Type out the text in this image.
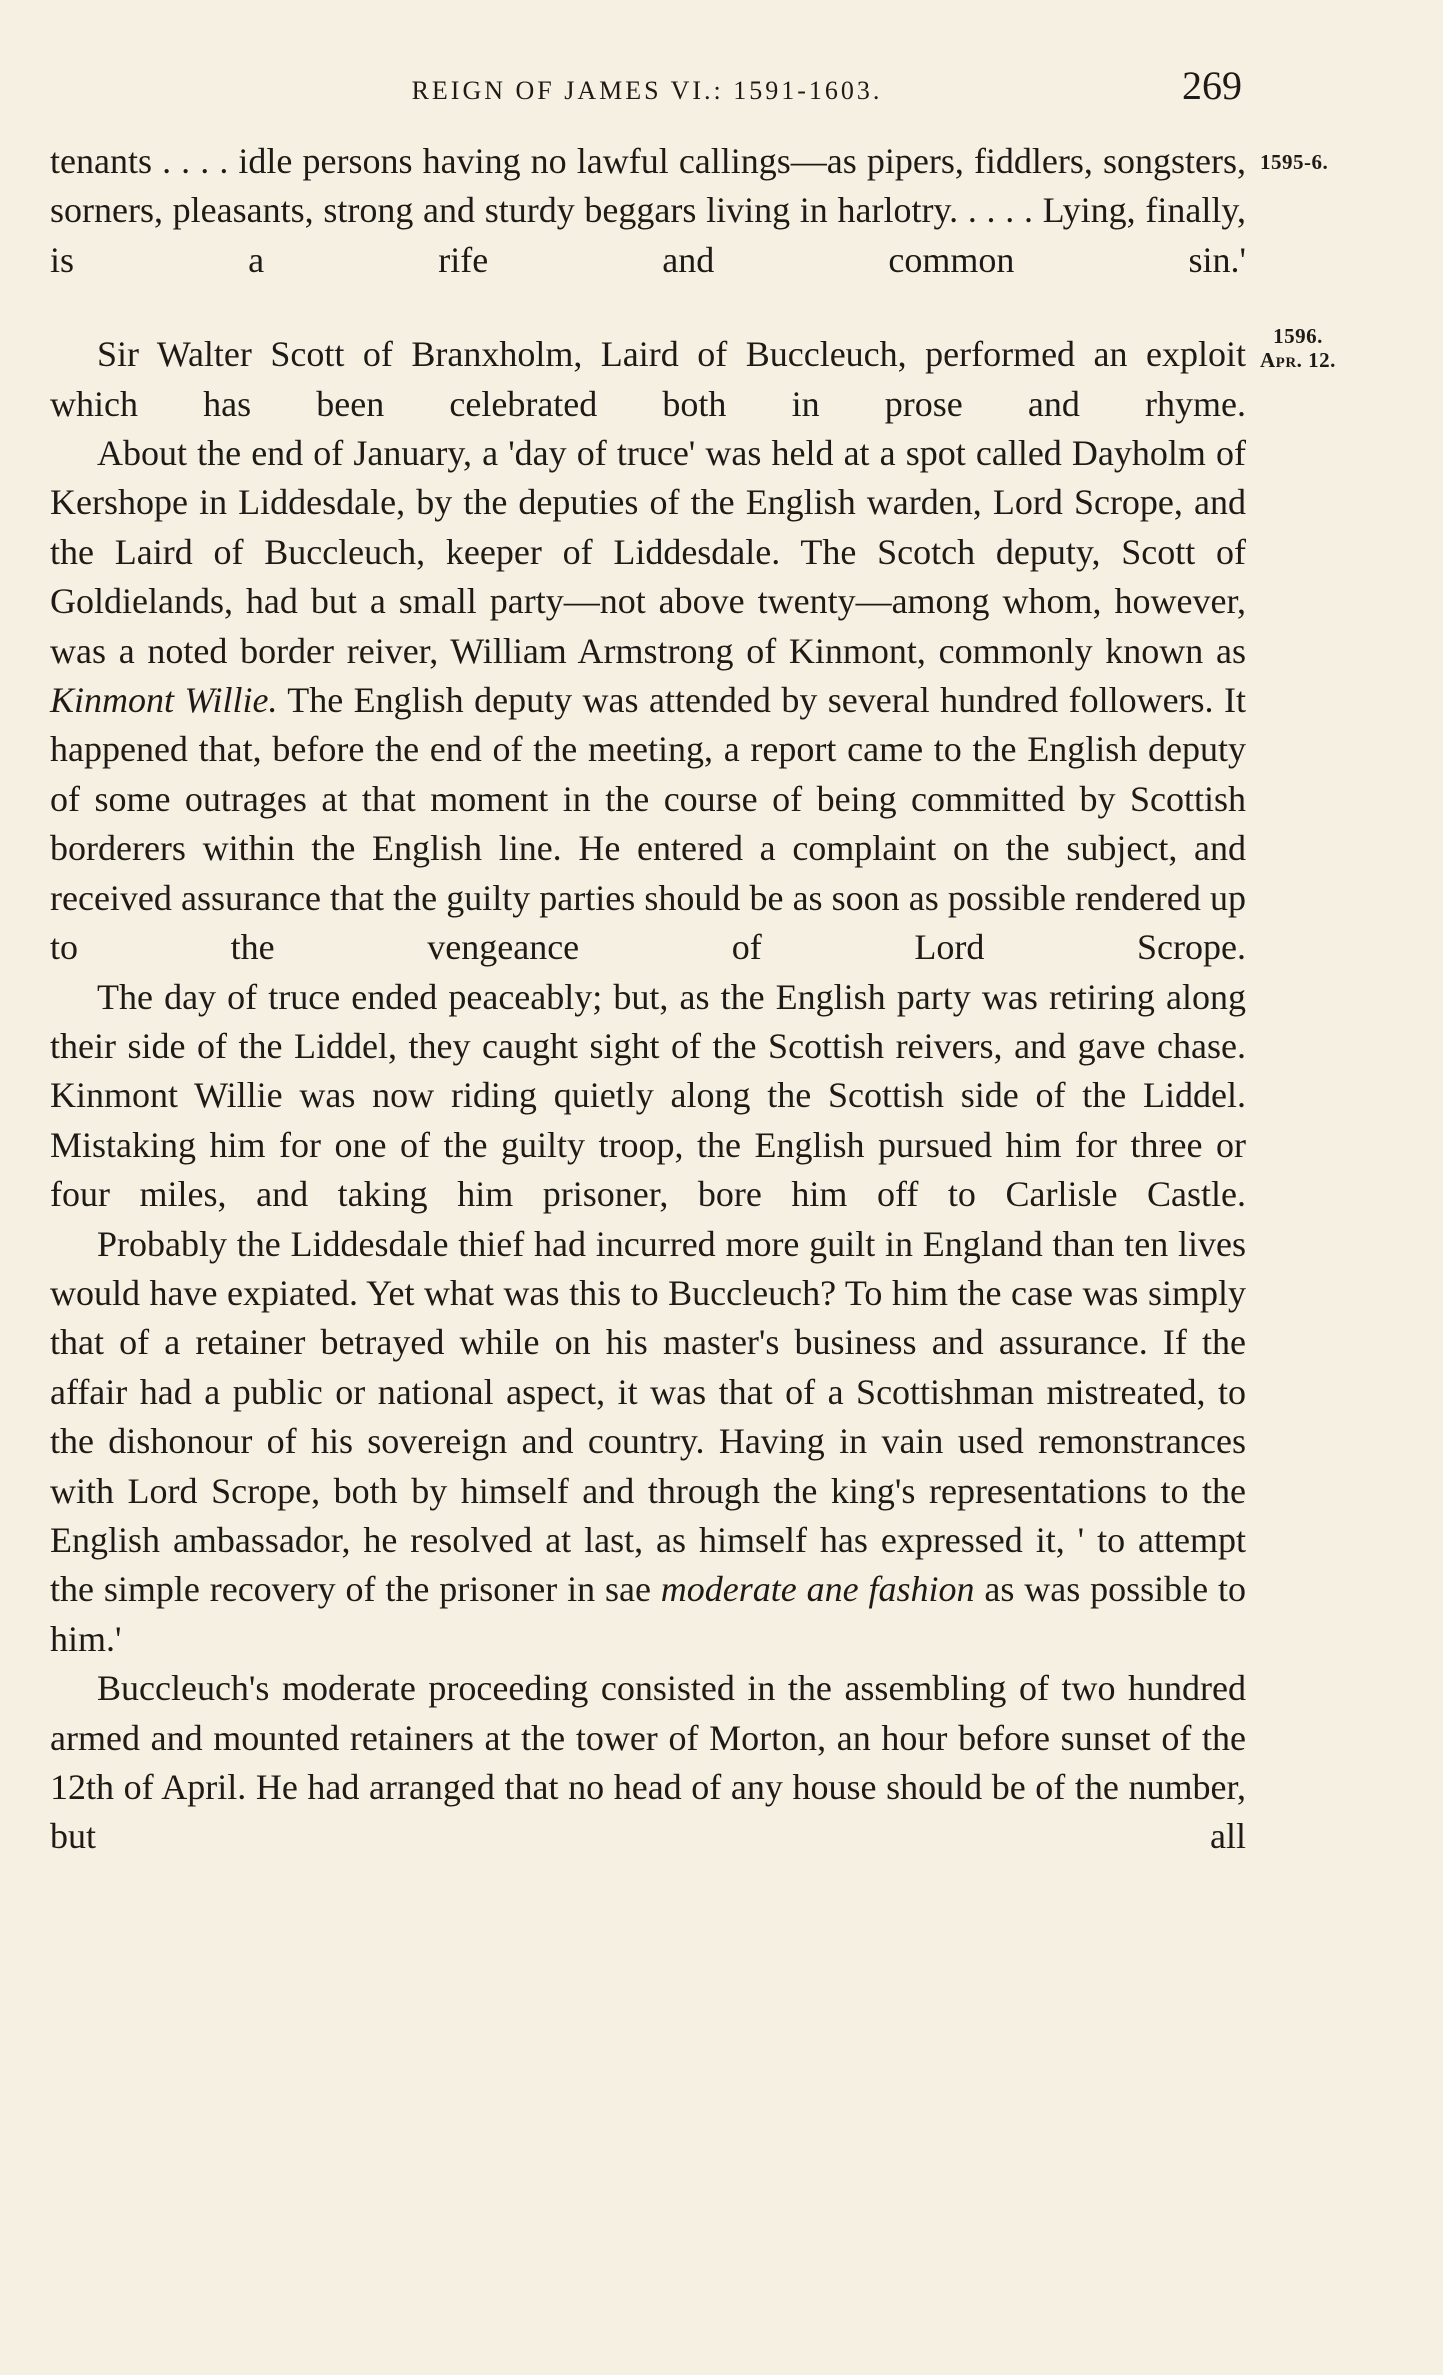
REIGN OF JAMES VI.: 1591-1603.	269
1595-6.
1596.
Apr. 12.

tenants . . . . idle persons having no lawful callings—as pipers, fiddlers, songsters, sorners, pleasants, strong and sturdy beggars living in harlotry. . . . . Lying, finally, is a rife and common sin.'

Sir Walter Scott of Branxholm, Laird of Buccleuch, performed an exploit which has been celebrated both in prose and rhyme.

About the end of January, a 'day of truce' was held at a spot called Dayholm of Kershope in Liddesdale, by the deputies of the English warden, Lord Scrope, and the Laird of Buccleuch, keeper of Liddesdale. The Scotch deputy, Scott of Goldielands, had but a small party—not above twenty—among whom, however, was a noted border reiver, William Armstrong of Kinmont, commonly known as Kinmont Willie. The English deputy was attended by several hundred followers. It happened that, before the end of the meeting, a report came to the English deputy of some outrages at that moment in the course of being committed by Scottish borderers within the English line. He entered a complaint on the subject, and received assurance that the guilty parties should be as soon as possible rendered up to the vengeance of Lord Scrope.

The day of truce ended peaceably; but, as the English party was retiring along their side of the Liddel, they caught sight of the Scottish reivers, and gave chase. Kinmont Willie was now riding quietly along the Scottish side of the Liddel. Mistaking him for one of the guilty troop, the English pursued him for three or four miles, and taking him prisoner, bore him off to Carlisle Castle.

Probably the Liddesdale thief had incurred more guilt in England than ten lives would have expiated. Yet what was this to Buccleuch? To him the case was simply that of a retainer betrayed while on his master's business and assurance. If the affair had a public or national aspect, it was that of a Scottishman mistreated, to the dishonour of his sovereign and country. Having in vain used remonstrances with Lord Scrope, both by himself and through the king's representations to the English ambassador, he resolved at last, as himself has expressed it, ' to attempt the simple recovery of the prisoner in sae moderate ane fashion as was possible to him.'

Buccleuch's moderate proceeding consisted in the assembling of two hundred armed and mounted retainers at the tower of Morton, an hour before sunset of the 12th of April. He had arranged that no head of any house should be of the number, but all
